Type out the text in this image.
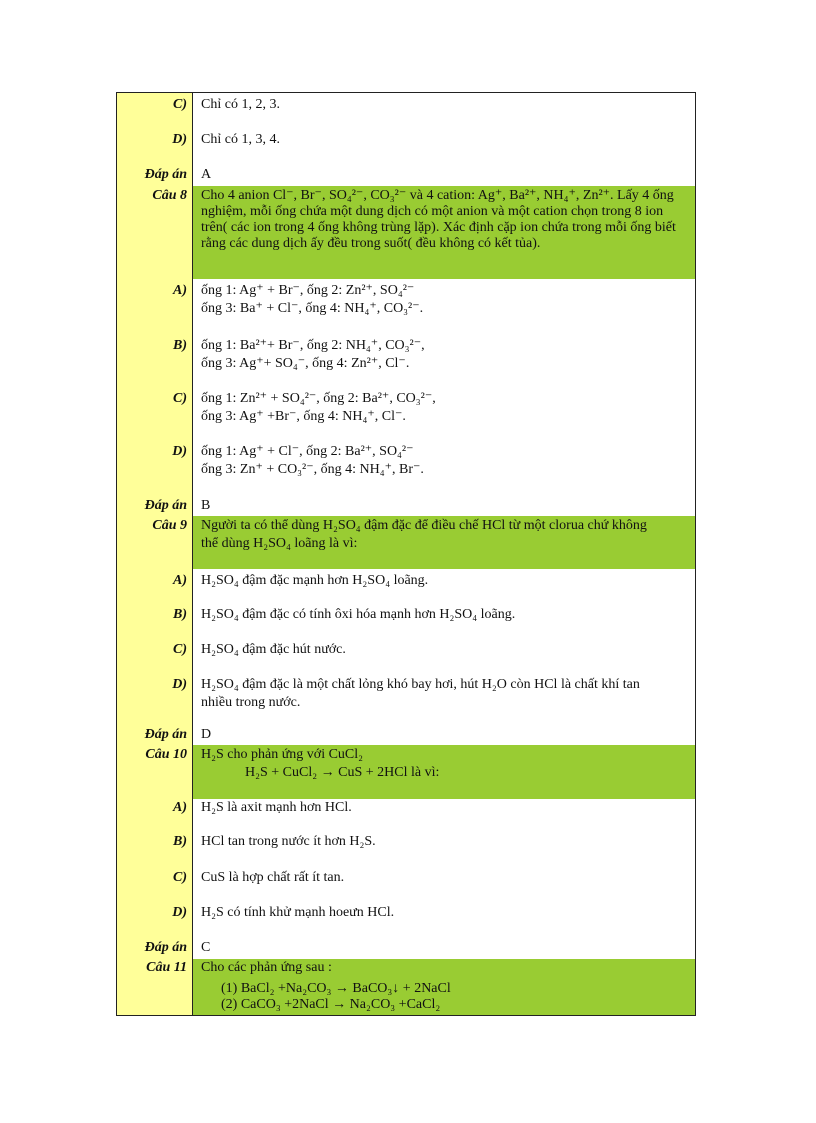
C) Chỉ có 1, 2, 3.
D) Chỉ có 1, 3, 4.
Đáp án A
Câu 8 Cho 4 anion Cl⁻, Br⁻, SO₄²⁻, CO₃²⁻ và 4 cation: Ag⁺, Ba²⁺, NH₄⁺, Zn²⁺. Lấy 4 ống nghiệm, mỗi ống chứa một dung dịch có một anion và một cation chọn trong 8 ion trên( các ion trong 4 ống không trùng lặp). Xác định cặp ion chứa trong mỗi ống biết rằng các dung dịch ấy đều trong suốt( đều không có kết tủa).
A) ống 1: Ag⁺ + Br⁻, ống 2: Zn²⁺, SO₄²⁻
ống 3: Ba⁺ + Cl⁻, ống 4: NH₄⁺, CO₃²⁻.
B) ống 1: Ba²⁺+ Br⁻, ống 2: NH₄⁺, CO₃²⁻,
ống 3: Ag⁺+ SO₄⁻, ống 4: Zn²⁺, Cl⁻.
C) ống 1: Zn²⁺ + SO₄²⁻, ống 2: Ba²⁺, CO₃²⁻,
ống 3: Ag⁺ +Br⁻, ống 4: NH₄⁺, Cl⁻.
D) ống 1: Ag⁺ + Cl⁻, ống 2: Ba²⁺, SO₄²⁻
ống 3: Zn⁺ + CO₃²⁻, ống 4: NH₄⁺, Br⁻.
Đáp án B
Câu 9 Người ta có thể dùng H₂SO₄ đậm đặc để điều chế HCl từ một clorua chứ không
thể dùng H₂SO₄ loãng là vì:
A) H₂SO₄ đậm đặc mạnh hơn H₂SO₄ loãng.
B) H₂SO₄ đậm đặc có tính ôxi hóa mạnh hơn H₂SO₄ loãng.
C) H₂SO₄ đậm đặc hút nước.
D) H₂SO₄ đậm đặc là một chất lỏng khó bay hơi, hút H₂O còn HCl là chất khí tan
nhiều trong nước.
Đáp án D
Câu 10 H₂S cho phản ứng với CuCl₂
H₂S + CuCl₂ → CuS + 2HCl là vì:
A) H₂S là axit mạnh hơn HCl.
B) HCl tan trong nước ít hơn H₂S.
C) CuS là hợp chất rất ít tan.
D) H₂S có tính khử mạnh hoeưn HCl.
Đáp án C
Câu 11 Cho các phản ứng sau :
(1) BaCl₂ +Na₂CO₃ → BaCO₃↓ + 2NaCl
(2) CaCO₃ +2NaCl → Na₂CO₃ +CaCl₂
